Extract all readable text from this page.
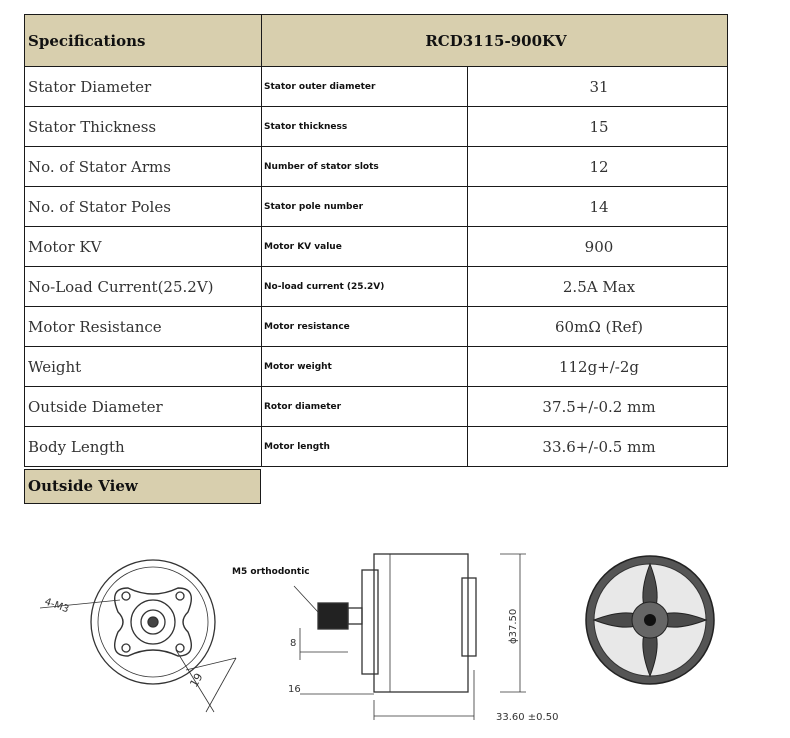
Specifications	RCD3115-900KV	
Stator Diameter	Stator outer diameter	31
Stator Thickness	Stator thickness	15
No. of Stator Arms	Number of stator slots	12
No. of Stator Poles	Stator pole number	14
Motor KV	Motor KV value	900
No-Load Current(25.2V)	No-load current (25.2V)	2.5A Max
Motor Resistance	Motor resistance	60mΩ (Ref)
Weight	Motor weight	112g+/-2g
Outside Diameter	Rotor diameter	37.5+/-0.2 mm
Body Length	Motor length	33.6+/-0.5 mm
Outside View
4-M3
19
M5 orthodontic
8
16
ϕ37.50
33.60 ±0.50
